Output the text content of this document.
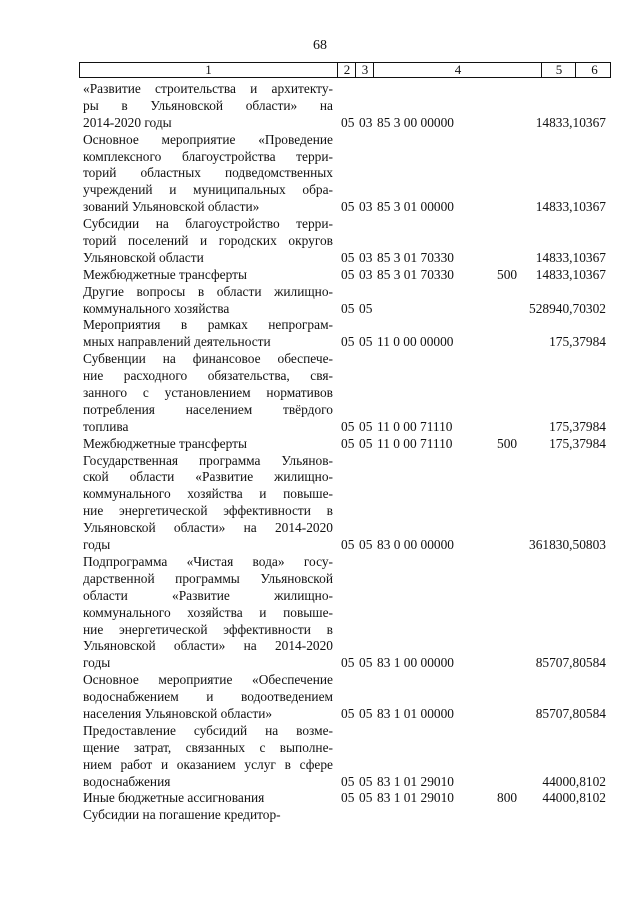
68
1	2 3	4	5	6
«Развитие строительства и архитекту-
ры в Ульяновской области» на
2014-2020 годы	05 03 85 3 00 00000	14833,10367
Основное мероприятие «Проведение
комплексного благоустройства терри-
торий областных подведомственных
учреждений и муниципальных обра-
зований Ульяновской области»	05 03 85 3 01 00000	14833,10367
Субсидии на благоустройство терри-
торий поселений и городских округов
Ульяновской области	05 03 85 3 01 70330	14833,10367
Межбюджетные трансферты	05 03 85 3 01 70330	500	14833,10367
Другие вопросы в области жилищно-
коммунального хозяйства	05 05	528940,70302
Мероприятия в рамках непрограм-
мных направлений деятельности	05 05 11 0 00 00000	175,37984
Субвенции на финансовое обеспече-
ние расходного обязательства, свя-
занного с установлением нормативов
потребления населением твёрдого
топлива	05 05 11 0 00 71110	175,37984
Межбюджетные трансферты	05 05 11 0 00 71110	500	175,37984
Государственная программа Ульянов-
ской области «Развитие жилищно-
коммунального хозяйства и повыше-
ние энергетической эффективности в
Ульяновской области» на 2014-2020
годы	05 05 83 0 00 00000	361830,50803
Подпрограмма «Чистая вода» госу-
дарственной программы Ульяновской
области «Развитие жилищно-
коммунального хозяйства и повыше-
ние энергетической эффективности в
Ульяновской области» на 2014-2020
годы	05 05 83 1 00 00000	85707,80584
Основное мероприятие «Обеспечение
водоснабжением и водоотведением
населения Ульяновской области»	05 05 83 1 01 00000	85707,80584
Предоставление субсидий на возме-
щение затрат, связанных с выполне-
нием работ и оказанием услуг в сфере
водоснабжения	05 05 83 1 01 29010	44000,8102
Иные бюджетные ассигнования	05 05 83 1 01 29010	800	44000,8102
Субсидии на погашение кредитор-
